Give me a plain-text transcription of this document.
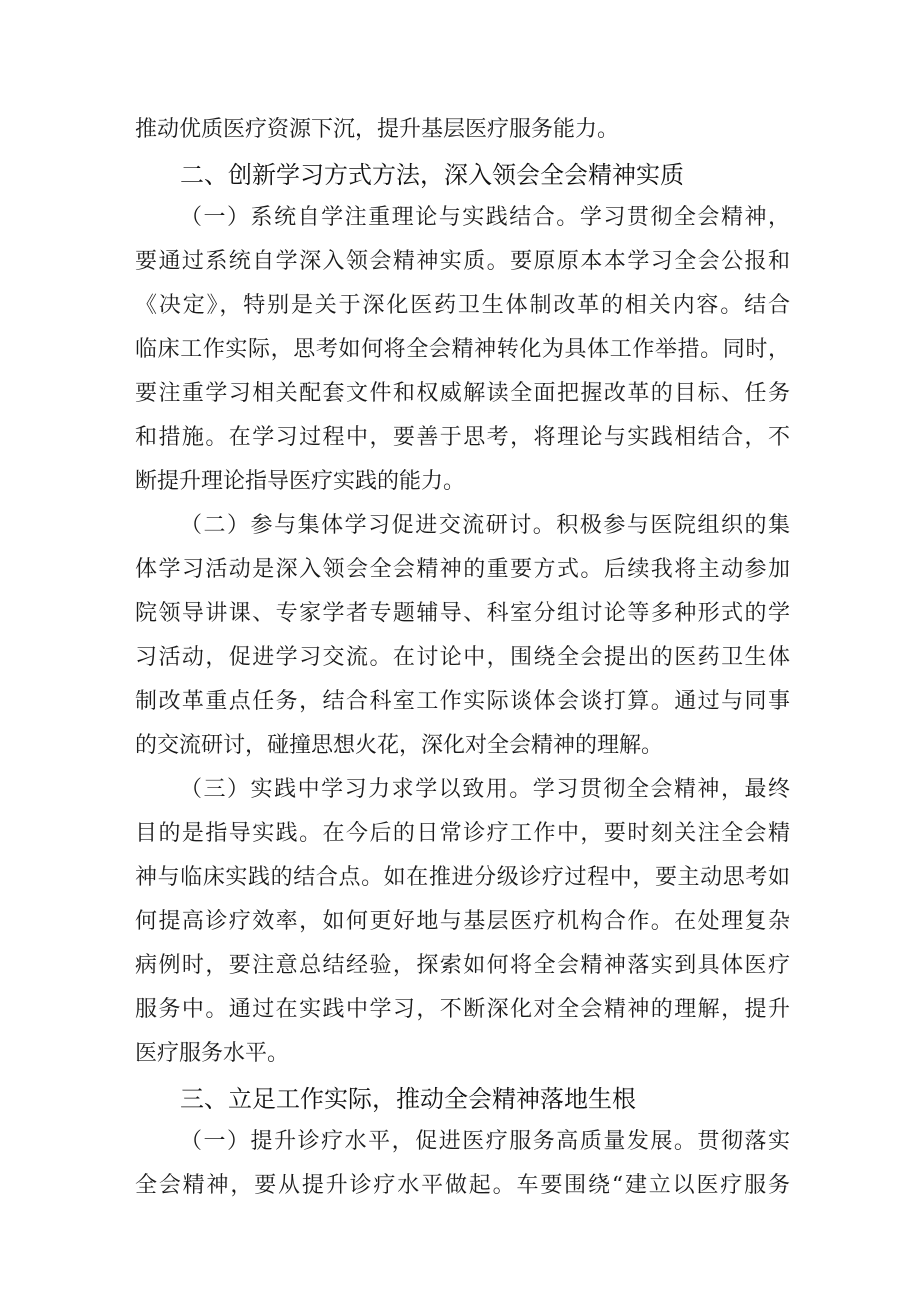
推动优质医疗资源下沉，提升基层医疗服务能力。
二、创新学习方式方法，深入领会全会精神实质
（一）系统自学注重理论与实践结合。学习贯彻全会精神，
要通过系统自学深入领会精神实质。要原原本本学习全会公报和
《决定》，特别是关于深化医药卫生体制改革的相关内容。结合
临床工作实际，思考如何将全会精神转化为具体工作举措。同时，
要注重学习相关配套文件和权威解读全面把握改革的目标、任务
和措施。在学习过程中，要善于思考，将理论与实践相结合，不
断提升理论指导医疗实践的能力。
（二）参与集体学习促进交流研讨。积极参与医院组织的集
体学习活动是深入领会全会精神的重要方式。后续我将主动参加
院领导讲课、专家学者专题辅导、科室分组讨论等多种形式的学
习活动，促进学习交流。在讨论中，围绕全会提出的医药卫生体
制改革重点任务，结合科室工作实际谈体会谈打算。通过与同事
的交流研讨，碰撞思想火花，深化对全会精神的理解。
（三）实践中学习力求学以致用。学习贯彻全会精神，最终
目的是指导实践。在今后的日常诊疗工作中，要时刻关注全会精
神与临床实践的结合点。如在推进分级诊疗过程中，要主动思考如
何提高诊疗效率，如何更好地与基层医疗机构合作。在处理复杂
病例时，要注意总结经验，探索如何将全会精神落实到具体医疗
服务中。通过在实践中学习，不断深化对全会精神的理解，提升
医疗服务水平。
三、立足工作实际，推动全会精神落地生根
（一）提升诊疗水平，促进医疗服务高质量发展。贯彻落实
全会精神，要从提升诊疗水平做起。车要围绕“建立以医疗服务
